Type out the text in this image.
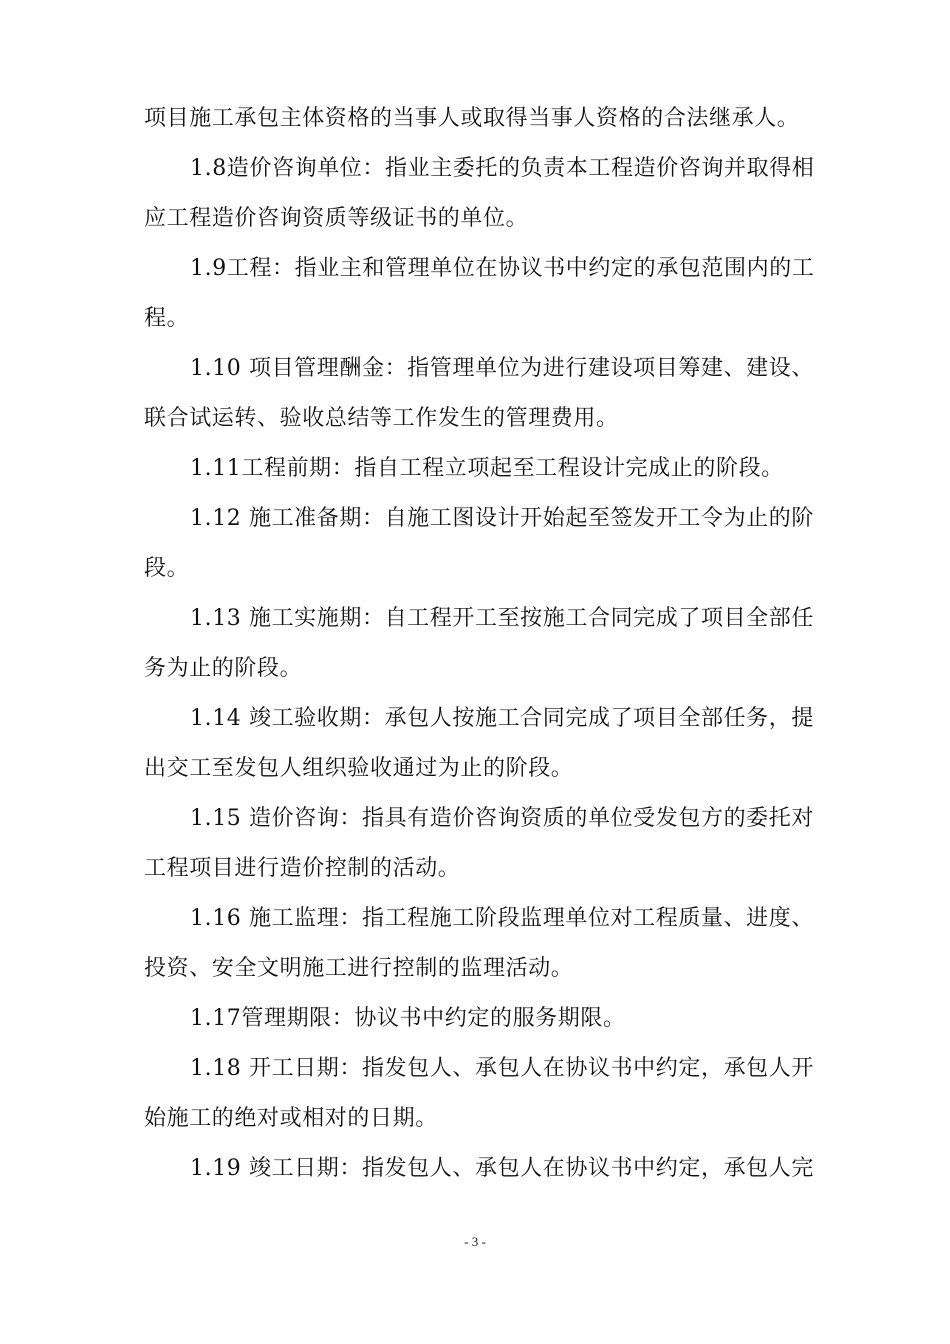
项目施工承包主体资格的当事人或取得当事人资格的合法继承人。
1.8造价咨询单位：指业主委托的负责本工程造价咨询并取得相
应工程造价咨询资质等级证书的单位。
1.9工程：指业主和管理单位在协议书中约定的承包范围内的工
程。
1.10 项目管理酬金：指管理单位为进行建设项目筹建、建设、
联合试运转、验收总结等工作发生的管理费用。
1.11工程前期：指自工程立项起至工程设计完成止的阶段。
1.12 施工准备期：自施工图设计开始起至签发开工令为止的阶
段。
1.13 施工实施期：自工程开工至按施工合同完成了项目全部任
务为止的阶段。
1.14 竣工验收期：承包人按施工合同完成了项目全部任务，提
出交工至发包人组织验收通过为止的阶段。
1.15 造价咨询：指具有造价咨询资质的单位受发包方的委托对
工程项目进行造价控制的活动。
1.16 施工监理：指工程施工阶段监理单位对工程质量、进度、
投资、安全文明施工进行控制的监理活动。
1.17管理期限：协议书中约定的服务期限。
1.18 开工日期：指发包人、承包人在协议书中约定，承包人开
始施工的绝对或相对的日期。
1.19 竣工日期：指发包人、承包人在协议书中约定，承包人完
- 3 -
